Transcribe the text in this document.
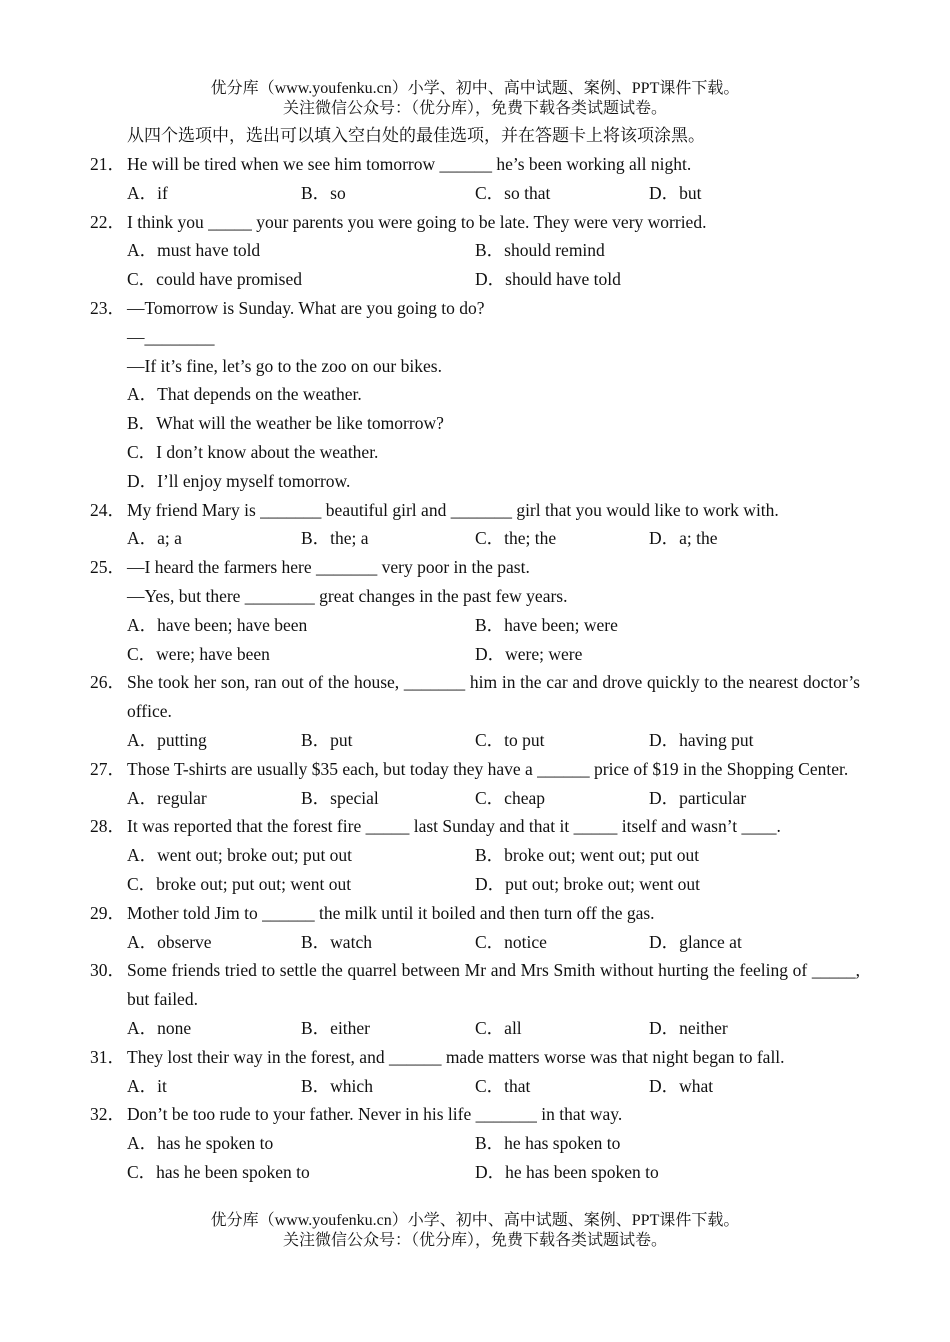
优分库（www.youfenku.cn）小学、初中、高中试题、案例、PPT课件下载。
关注微信公众号：（优分库），免费下载各类试题试卷。
从四个选项中，选出可以填入空白处的最佳选项，并在答题卡上将该项涂黑。
21． He will be tired when we see him tomorrow ______ he’s been working all night.
A．if	B．so	C．so that	D．but
22． I think you _____ your parents you were going to be late. They were very worried.
A．must have told	B．should remind
C．could have promised	D．should have told
23． —Tomorrow is Sunday. What are you going to do?
—________
—If it’s fine, let’s go to the zoo on our bikes.
A．That depends on the weather.
B．What will the weather be like tomorrow?
C．I don’t know about the weather.
D．I’ll enjoy myself tomorrow.
24． My friend Mary is _______ beautiful girl and _______ girl that you would like to work with.
A．a; a	B．the; a	C．the; the	D．a; the
25． —I heard the farmers here _______ very poor in the past.
—Yes, but there ________ great changes in the past few years.
A．have been; have been	B．have been; were
C．were; have been	D．were; were
26． She took her son, ran out of the house, _______ him in the car and drove quickly to the nearest doctor’s office.
A．putting	B．put	C．to put	D．having put
27． Those T-shirts are usually $35 each, but today they have a ______ price of $19 in the Shopping Center.
A．regular	B．special	C．cheap	D．particular
28． It was reported that the forest fire _____ last Sunday and that it _____ itself and wasn’t ____.
A．went out; broke out; put out	B．broke out; went out; put out
C．broke out; put out; went out	D．put out; broke out; went out
29． Mother told Jim to ______ the milk until it boiled and then turn off the gas.
A．observe	B．watch	C．notice	D．glance at
30． Some friends tried to settle the quarrel between Mr and Mrs Smith without hurting the feeling of _____, but failed.
A．none	B．either	C．all	D．neither
31． They lost their way in the forest, and ______ made matters worse was that night began to fall.
A．it	B．which	C．that	D．what
32． Don’t be too rude to your father. Never in his life _______ in that way.
A．has he spoken to	B．he has spoken to
C．has he been spoken to	D．he has been spoken to
优分库（www.youfenku.cn）小学、初中、高中试题、案例、PPT课件下载。
关注微信公众号：（优分库），免费下载各类试题试卷。
